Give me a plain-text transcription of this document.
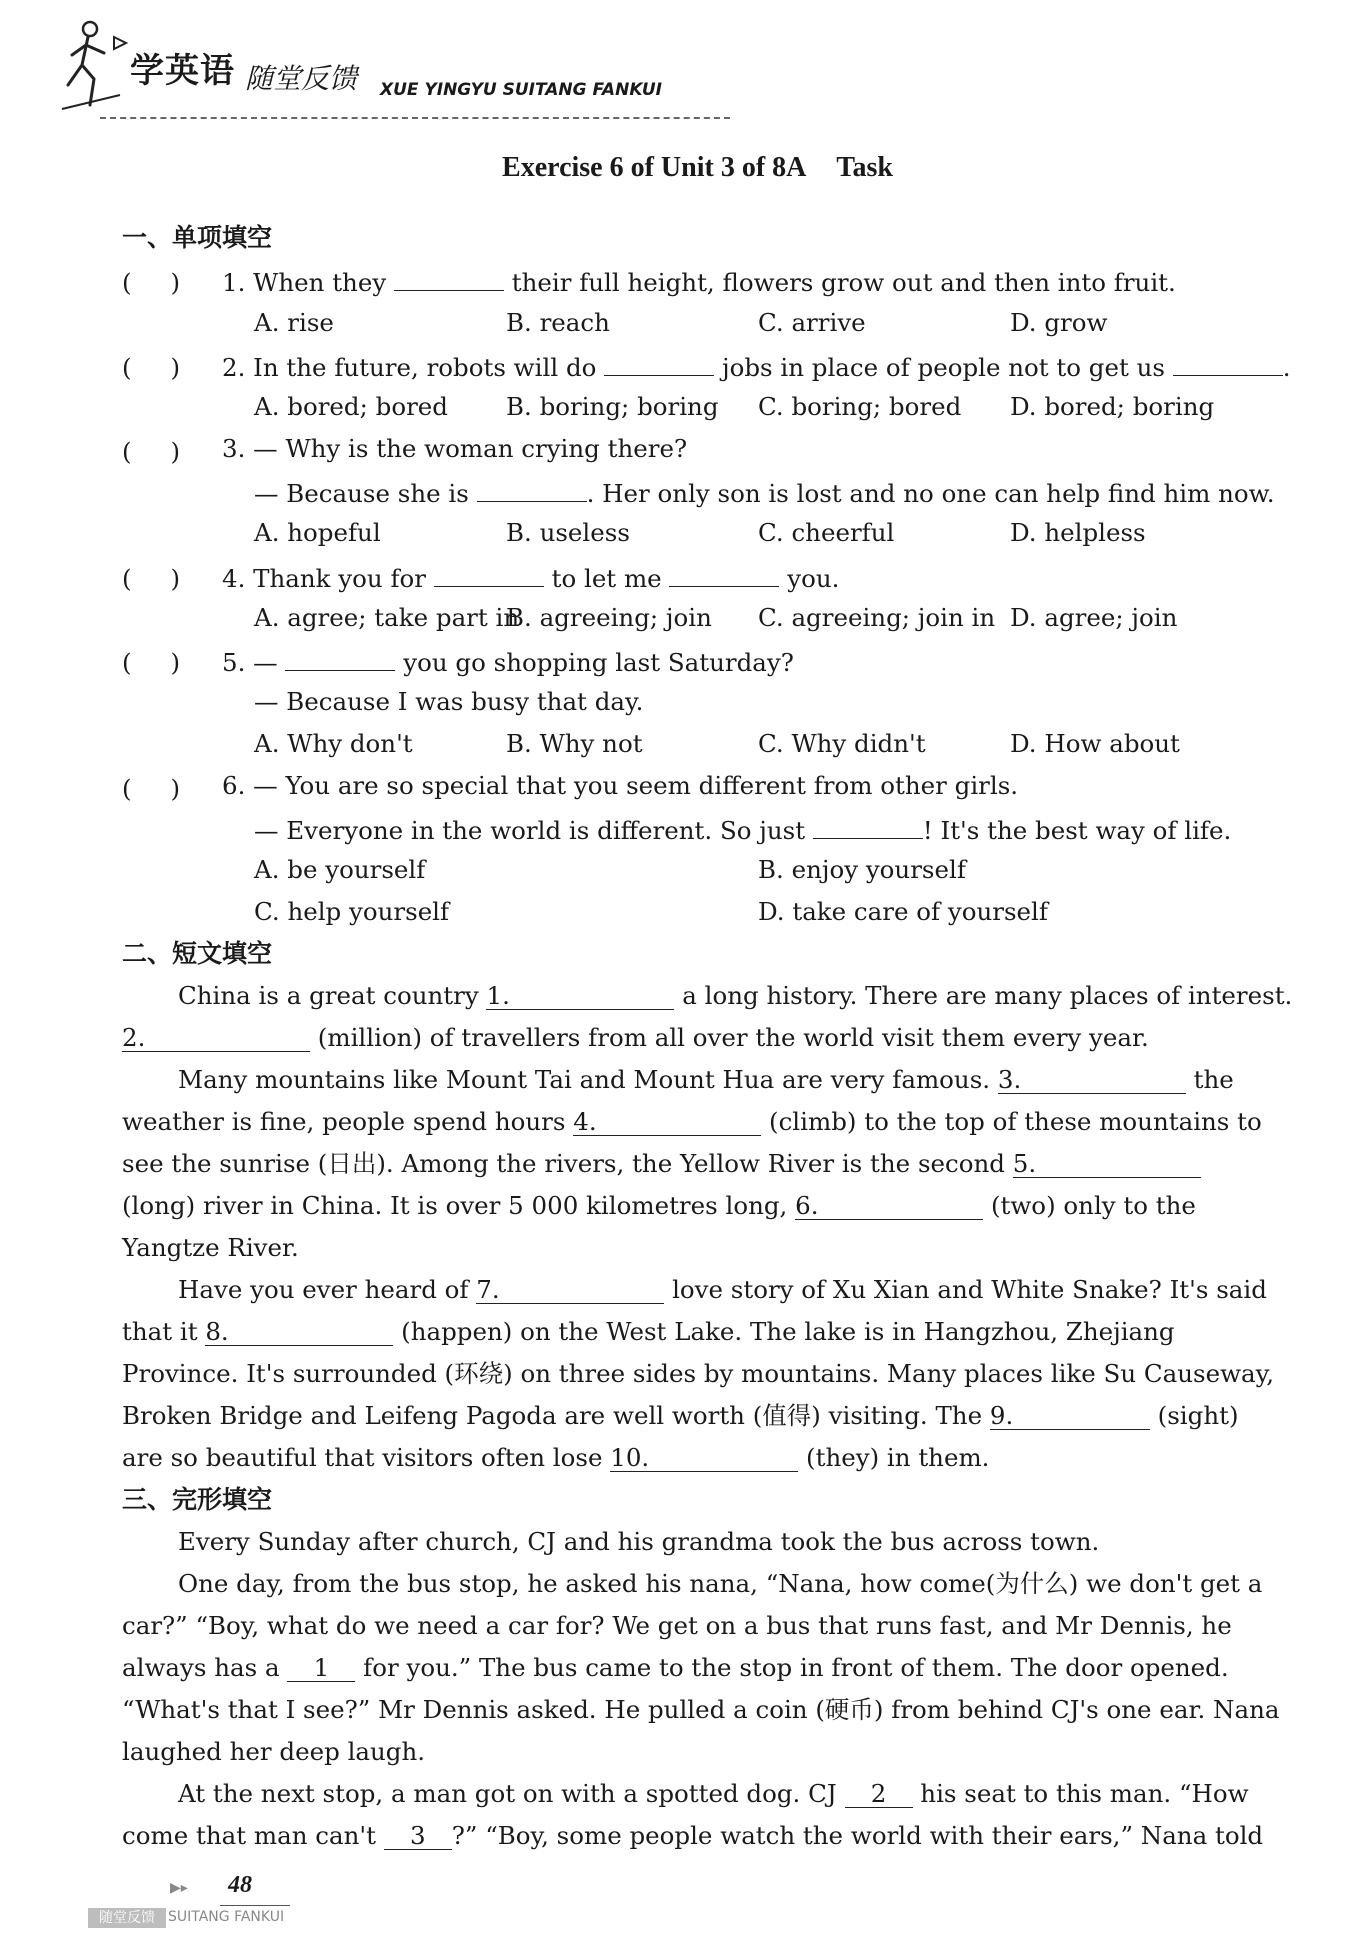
学英语 随堂反馈 XUE YINGYU SUITANG FANKUI
Exercise 6 of Unit 3 of 8A Task
一、单项填空
(     ) 1. When they	their full height, flowers grow out and then into fruit.
A. rise	B. reach	C. arrive	D. grow
(     ) 2. In the future, robots will do	jobs in place of people not to get us	.
A. bored; bored B. boring; boring C. boring; bored D. bored; boring
(     ) 3. — Why is the woman crying there?
— Because she is	. Her only son is lost and no one can help find him now.
A. hopeful	B. useless	C. cheerful	D. helpless
(     ) 4. Thank you for	to let me	you.
A. agree; take part in
B. agreeing; join C. agreeing; join in D. agree; join
(     ) 5. —	you go shopping last Saturday?
— Because I was busy that day.
A. Why don't	B. Why not	C. Why didn't	D. How about
(     ) 6. — You are so special that you seem different from other girls.
— Everyone in the world is different. So just	! It's the best way of life.
A. be yourself	B. enjoy yourself
C. help yourself	D. take care of yourself
二、短文填空
China is a great country 1.	a long history. There are many places of interest.
2.	(million) of travellers from all over the world visit them every year.
Many mountains like Mount Tai and Mount Hua are very famous. 3.	the
weather is fine, people spend hours 4.	(climb) to the top of these mountains to
see the sunrise (日出). Among the rivers, the Yellow River is the second 5.
(long) river in China. It is over 5 000 kilometres long, 6.	(two) only to the
Yangtze River.
Have you ever heard of 7.	love story of Xu Xian and White Snake? It's said
that it 8.	(happen) on the West Lake. The lake is in Hangzhou, Zhejiang
Province. It's surrounded (环绕) on three sides by mountains. Many places like Su Causeway,
Broken Bridge and Leifeng Pagoda are well worth (值得) visiting. The 9.	(sight)
are so beautiful that visitors often lose 10.	(they) in them.
三、完形填空
Every Sunday after church, CJ and his grandma took the bus across town.
One day, from the bus stop, he asked his nana, “Nana, how come(为什么) we don't get a
car?” “Boy, what do we need a car for? We get on a bus that runs fast, and Mr Dennis, he
always has a 1 for you.” The bus came to the stop in front of them. The door opened.
“What's that I see?” Mr Dennis asked. He pulled a coin (硬币) from behind CJ's one ear. Nana
laughed her deep laugh.
At the next stop, a man got on with a spotted dog. CJ 2 his seat to this man. “How
come that man can't 3 ?” “Boy, some people watch the world with their ears,” Nana told
▶▸ 48
随堂反馈 SUITANG FANKUI
